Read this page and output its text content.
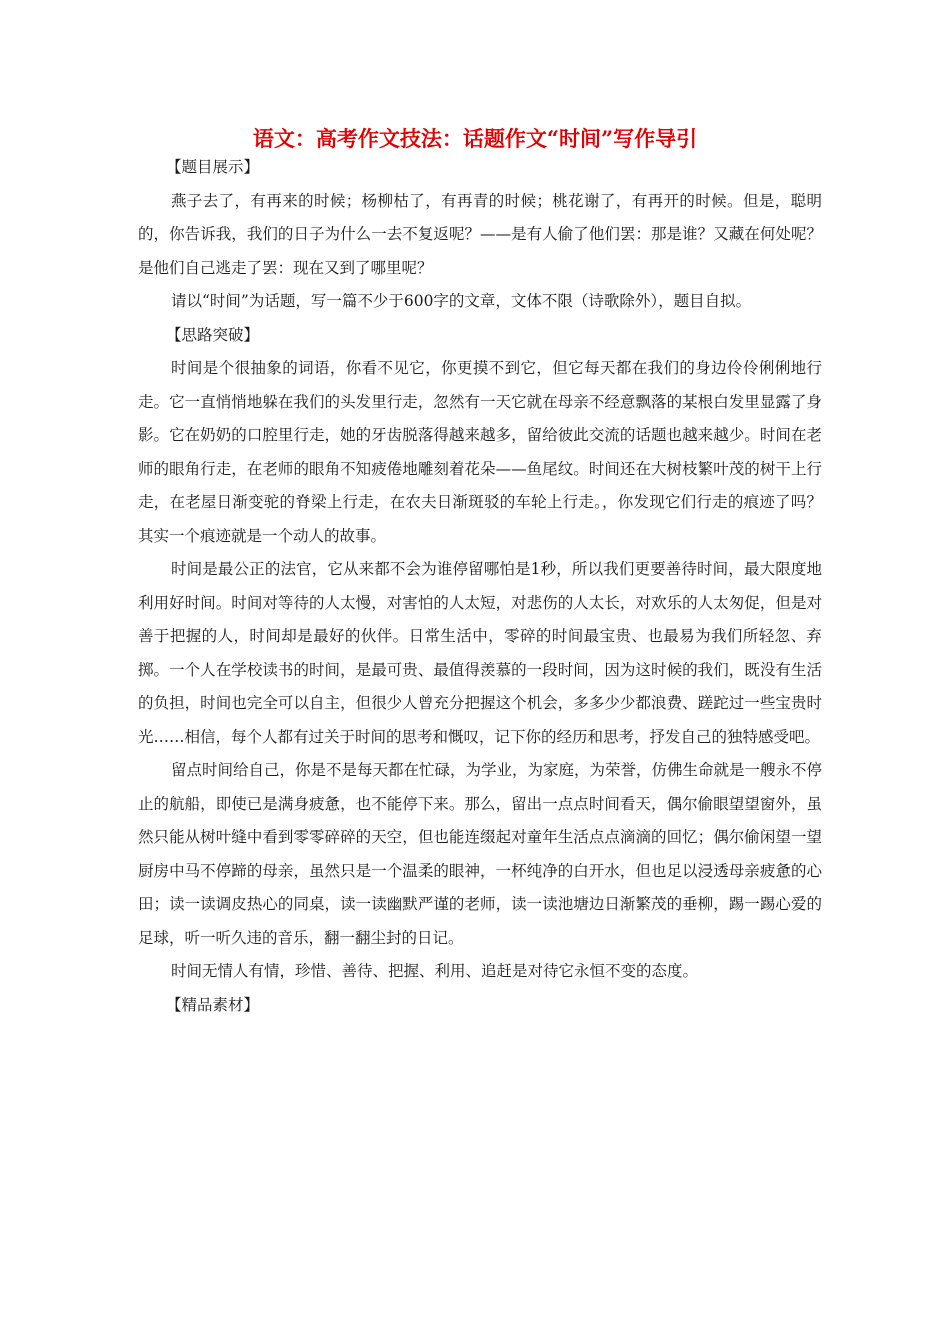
语文：高考作文技法：话题作文“时间”写作导引

【题目展示】

燕子去了，有再来的时候；杨柳枯了，有再青的时候；桃花谢了，有再开的时候。但是，聪明的，你告诉我，我们的日子为什么一去不复返呢？——是有人偷了他们罢：那是谁？又藏在何处呢？是他们自己逃走了罢：现在又到了哪里呢？

请以“时间”为话题，写一篇不少于600字的文章，文体不限（诗歌除外），题目自拟。

【思路突破】

时间是个很抽象的词语，你看不见它，你更摸不到它，但它每天都在我们的身边伶伶俐俐地行走。它一直悄悄地躲在我们的头发里行走，忽然有一天它就在母亲不经意飘落的某根白发里显露了身影。它在奶奶的口腔里行走，她的牙齿脱落得越来越多，留给彼此交流的话题也越来越少。时间在老师的眼角行走，在老师的眼角不知疲倦地雕刻着花朵——鱼尾纹。时间还在大树枝繁叶茂的树干上行走，在老屋日渐变驼的脊梁上行走，在农夫日渐斑驳的车轮上行走。，你发现它们行走的痕迹了吗？其实一个痕迹就是一个动人的故事。

时间是最公正的法官，它从来都不会为谁停留哪怕是1秒，所以我们更要善待时间，最大限度地利用好时间。时间对等待的人太慢，对害怕的人太短，对悲伤的人太长，对欢乐的人太匆促，但是对善于把握的人，时间却是最好的伙伴。日常生活中，零碎的时间最宝贵、也最易为我们所轻忽、弃掷。一个人在学校读书的时间，是最可贵、最值得羡慕的一段时间，因为这时候的我们，既没有生活的负担，时间也完全可以自主，但很少人曾充分把握这个机会，多多少少都浪费、蹉跎过一些宝贵时光……相信，每个人都有过关于时间的思考和慨叹，记下你的经历和思考，抒发自己的独特感受吧。

留点时间给自己，你是不是每天都在忙碌，为学业，为家庭，为荣誉，仿佛生命就是一艘永不停止的航船，即使已是满身疲惫，也不能停下来。那么，留出一点点时间看天，偶尔偷眼望望窗外，虽然只能从树叶缝中看到零零碎碎的天空，但也能连缀起对童年生活点点滴滴的回忆；偶尔偷闲望一望厨房中马不停蹄的母亲，虽然只是一个温柔的眼神，一杯纯净的白开水，但也足以浸透母亲疲惫的心田；读一读调皮热心的同桌，读一读幽默严谨的老师，读一读池塘边日渐繁茂的垂柳，踢一踢心爱的足球，听一听久违的音乐，翻一翻尘封的日记。

时间无情人有情，珍惜、善待、把握、利用、追赶是对待它永恒不变的态度。

【精品素材】
